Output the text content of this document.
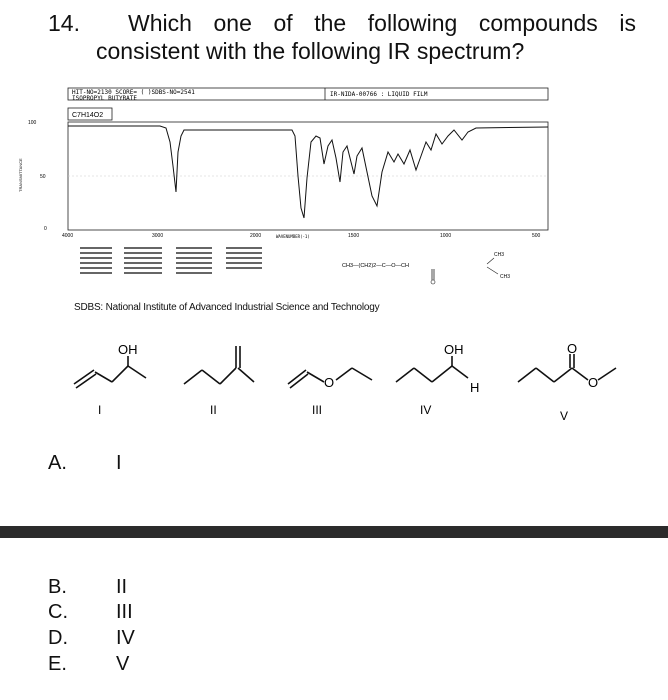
14. Which one of the following compounds is
consistent with the following IR spectrum?
HIT-NO=2130 SCORE= ( )SDBS-NO=2541
ISOPROPYL BUTYRATE
IR-NIDA-00766 : LIQUID FILM
C7H14O2
100
50
0
TRANSMITTANCE
4000	3000	2000	1500	1000	500
WAVENUMBER(-1)
CH3—(CH2)2—C—O—CH
CH3
CH3
SDBS: National Institute of Advanced Industrial Science and Technology
OH
O
OH
H
O
O
I	II	III	IV	V
A. I
B. II
C. III
D. IV
E. V
